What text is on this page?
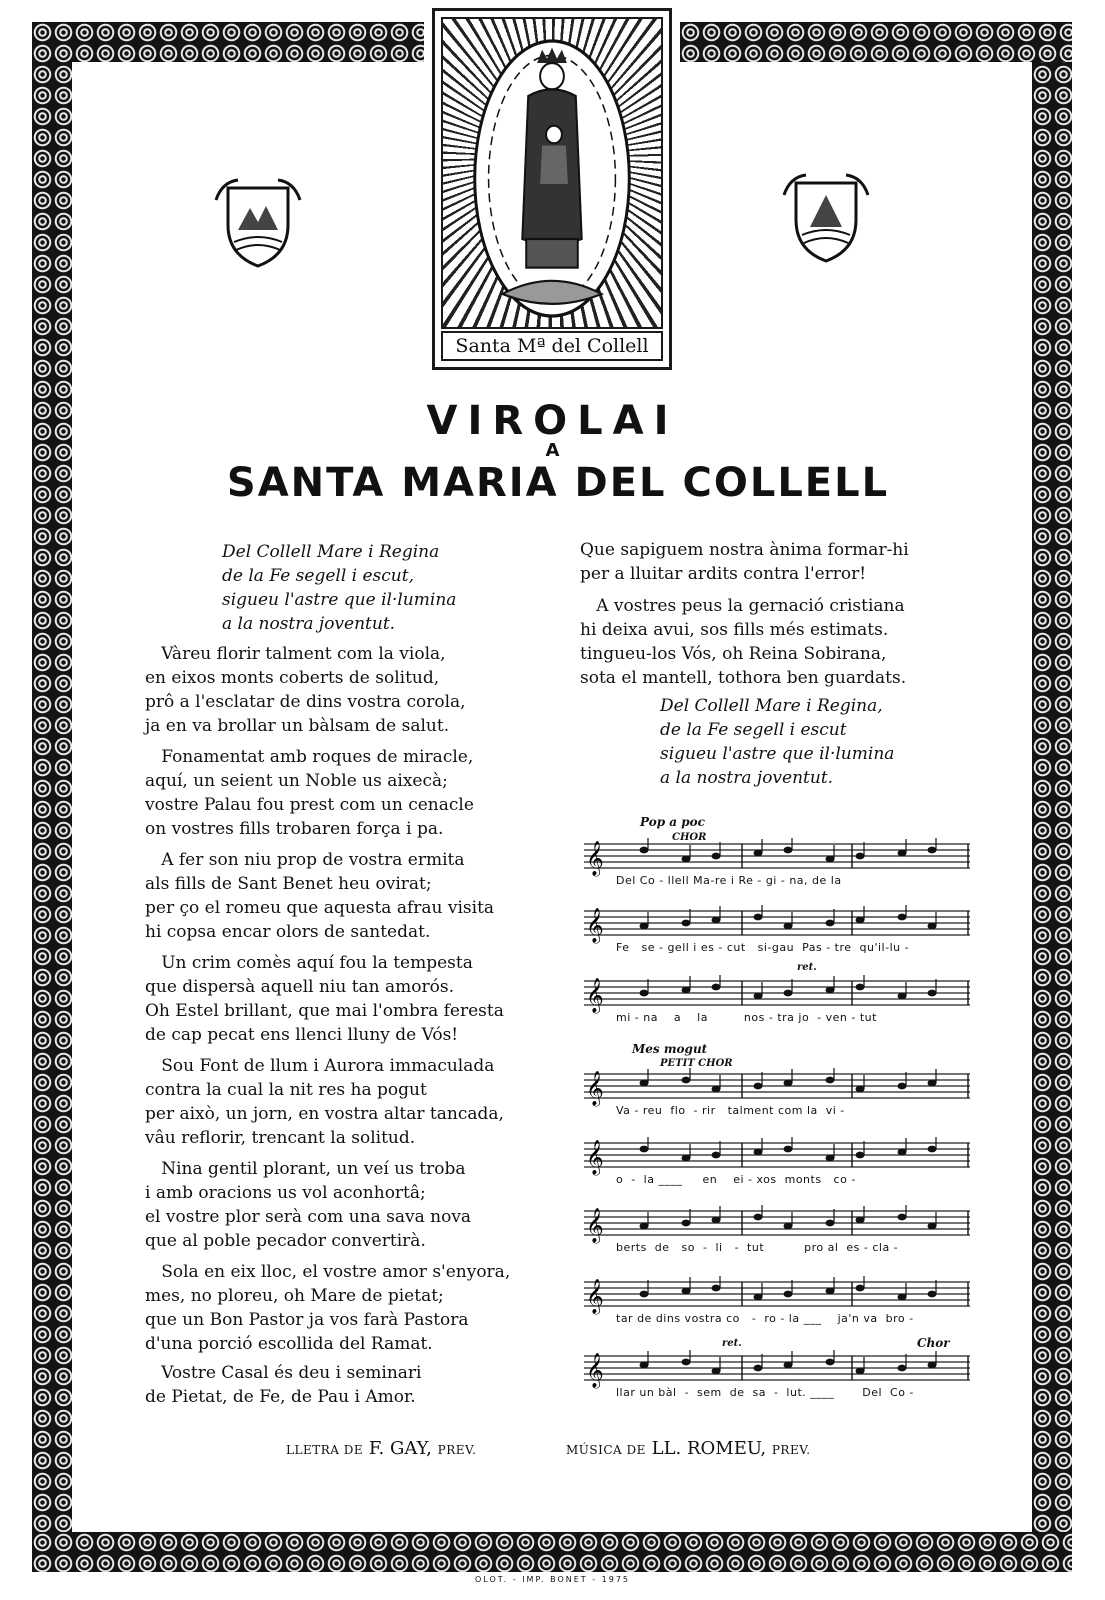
Santa Mª del Collell
VIROLAI
A
SANTA MARIA DEL COLLELL
Del Collell Mare i Regina
de la Fe segell i escut,
sigueu l'astre que il·lumina
a la nostra joventut.
Vàreu florir talment com la viola,
en eixos monts coberts de solitud,
prô a l'esclatar de dins vostra corola,
ja en va brollar un bàlsam de salut.
Fonamentat amb roques de miracle,
aquí, un seient un Noble us aixecà;
vostre Palau fou prest com un cenacle
on vostres fills trobaren força i pa.
A fer son niu prop de vostra ermita
als fills de Sant Benet heu ovirat;
per ço el romeu que aquesta afrau visita
hi copsa encar olors de santedat.
Un crim comès aquí fou la tempesta
que dispersà aquell niu tan amorós.
Oh Estel brillant, que mai l'ombra feresta
de cap pecat ens llenci lluny de Vós!
Sou Font de llum i Aurora immaculada
contra la cual la nit res ha pogut
per això, un jorn, en vostra altar tancada,
vâu reflorir, trencant la solitud.
Nina gentil plorant, un veí us troba
i amb oracions us vol aconhortâ;
el vostre plor serà com una sava nova
que al poble pecador convertirà.
Sola en eix lloc, el vostre amor s'enyora,
mes, no ploreu, oh Mare de pietat;
que un Bon Pastor ja vos farà Pastora
d'una porció escollida del Ramat.
Vostre Casal és deu i seminari
de Pietat, de Fe, de Pau i Amor.
Que sapiguem nostra ànima formar-hi
per a lluitar ardits contra l'error!
A vostres peus la gernació cristiana
hi deixa avui, sos fills més estimats.
tingueu-los Vós, oh Reina Sobirana,
sota el mantell, tothora ben guardats.
Del Collell Mare i Regina,
de la Fe segell i escut
sigueu l'astre que il·lumina
a la nostra joventut.
Pop a poc
CHOR
ret.
Mes mogut
PETIT CHOR
ret.	Chor
𝄞
Del Co - llell Ma-re i Re - gi - na, de la
𝄞
Fe   se - gell i es - cut   si-gau  Pas - tre  qu'il-lu -
𝄞
mi - na    a    la         nos - tra jo  - ven - tut
𝄞
Va - reu  flo  - rir   talment com la  vi -
𝄞
o  -  la ____     en    ei - xos  monts   co -
𝄞
berts  de   so  -  li   -  tut          pro al  es - cla -
𝄞
tar de dins vostra co   -  ro - la ___    ja'n va  bro -
𝄞
llar un bàl  -  sem  de  sa  -  lut. ____       Del  Co -
LLETRA DE F. GAY, PREV.	MÚSICA DE LL. ROMEU, PREV.
OLOT. - IMP. BONET - 1975
